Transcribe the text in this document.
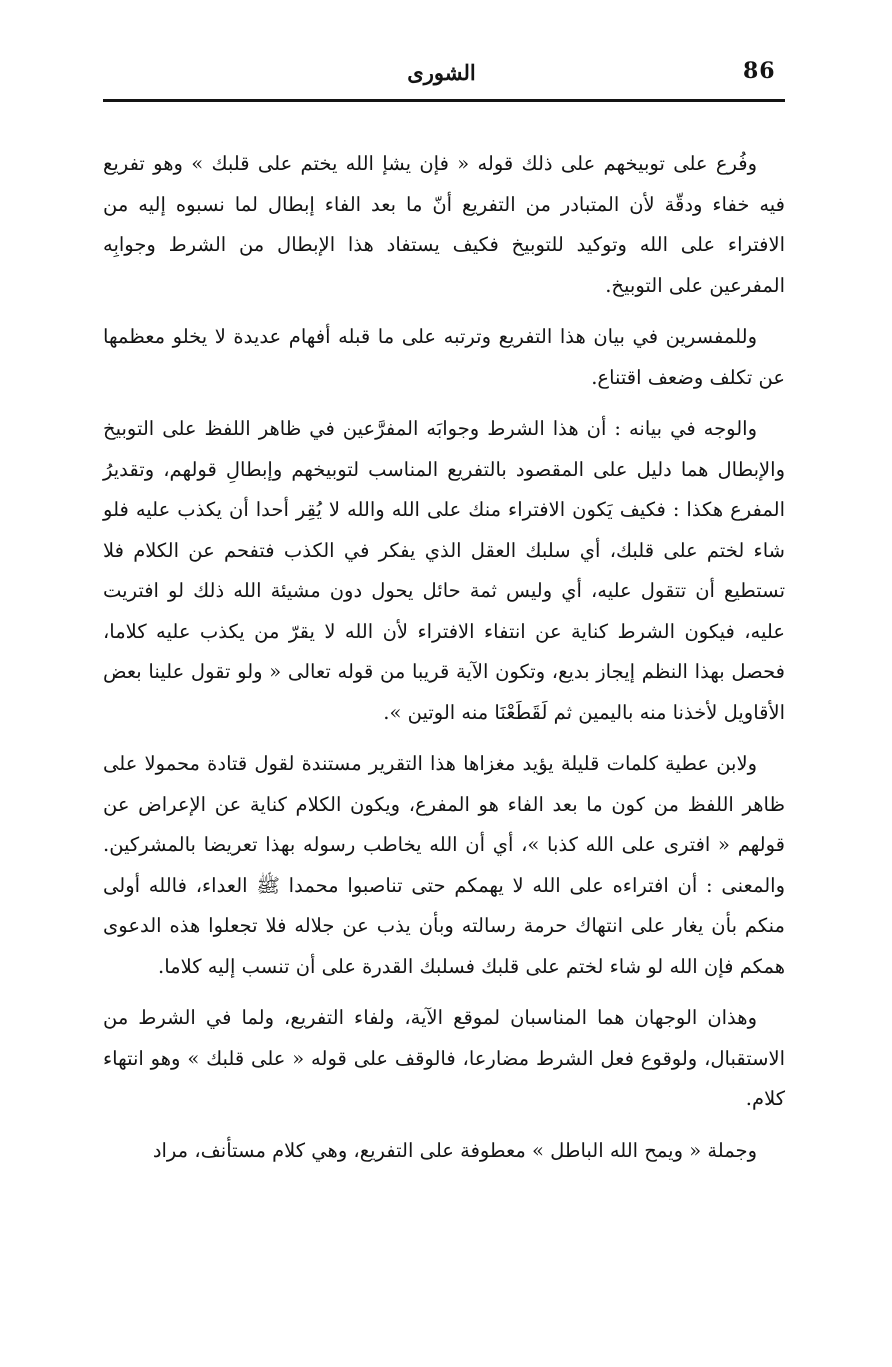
86
الشورى

وفُرع على توبيخهم على ذلك قوله « فإن يشإ الله يختم على قلبك » وهو تفريع فيه خفاء ودقّة لأن المتبادر من التفريع أنّ ما بعد الفاء إبطال لما نسبوه إليه من الافتراء على الله وتوكيد للتوبيخ فكيف يستفاد هذا الإبطال من الشرط وجوابِه المفرعين على التوبيخ.

وللمفسرين في بيان هذا التفريع وترتبه على ما قبله أفهام عديدة لا يخلو معظمها عن تكلف وضعف اقتناع.

والوجه في بيانه : أن هذا الشرط وجوابَه المفرَّعين في ظاهر اللفظ على التوبيخ والإبطال هما دليل على المقصود بالتفريع المناسب لتوبيخهم وإبطالِ قولهم، وتقديرُ المفرع هكذا : فكيف يَكون الافتراء منك على الله والله لا يُقِر أحدا أن يكذب عليه فلو شاء لختم على قلبك، أي سلبك العقل الذي يفكر في الكذب فتفحم عن الكلام فلا تستطيع أن تتقول عليه، أي وليس ثمة حائل يحول دون مشيئة الله ذلك لو افتريت عليه، فيكون الشرط كناية عن انتفاء الافتراء لأن الله لا يقرّ من يكذب عليه كلاما، فحصل بهذا النظم إيجاز بديع، وتكون الآية قريبا من قوله تعالى « ولو تقول علينا بعض الأقاويل لأخذنا منه باليمين ثم لَقَطَعْنَا منه الوتين ».

ولابن عطية كلمات قليلة يؤيد مغزاها هذا التقرير مستندة لقول قتادة محمولا على ظاهر اللفظ من كون ما بعد الفاء هو المفرع، ويكون الكلام كناية عن الإعراض عن قولهم « افترى على الله كذبا »، أي أن الله يخاطب رسوله بهذا تعريضا بالمشركين. والمعنى : أن افتراءه على الله لا يهمكم حتى تناصبوا محمدا ﷺ العداء، فالله أولى منكم بأن يغار على انتهاك حرمة رسالته وبأن يذب عن جلاله فلا تجعلوا هذه الدعوى همكم فإن الله لو شاء لختم على قلبك فسلبك القدرة على أن تنسب إليه كلاما.

وهذان الوجهان هما المناسبان لموقع الآية، ولفاء التفريع، ولما في الشرط من الاستقبال، ولوقوع فعل الشرط مضارعا، فالوقف على قوله « على قلبك » وهو انتهاء كلام.

وجملة « ويمح الله الباطل » معطوفة على التفريع، وهي كلام مستأنف، مراد
